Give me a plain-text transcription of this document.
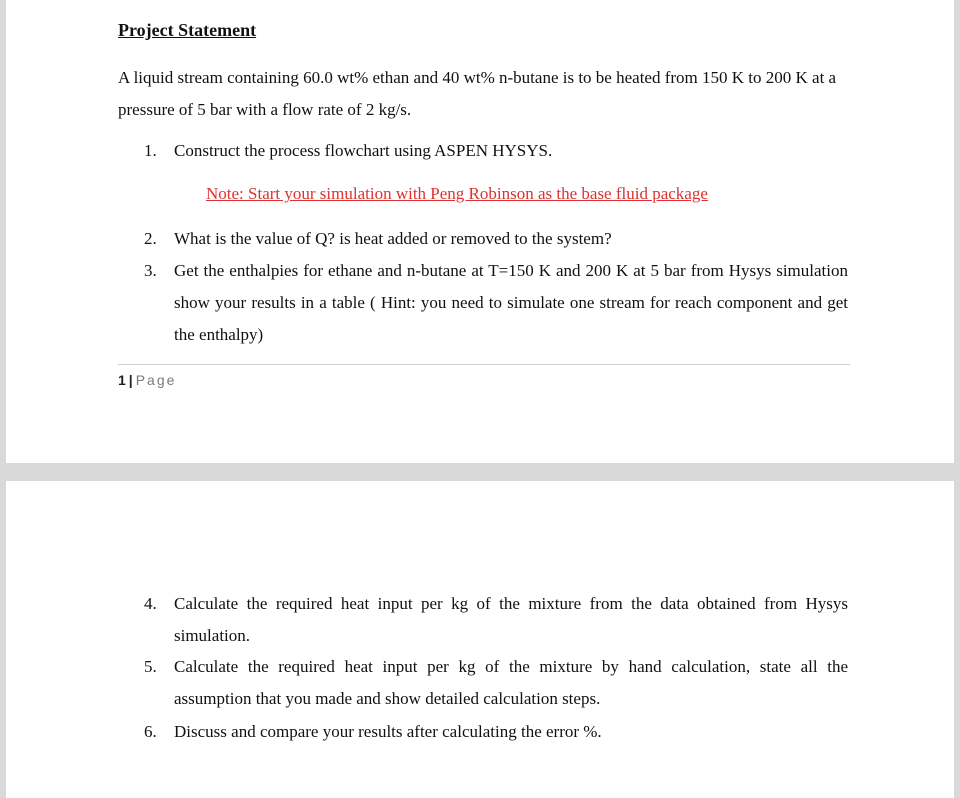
Project Statement

A liquid stream containing 60.0 wt% ethan and 40 wt% n-butane is to be heated from 150 K to 200 K at a pressure of 5 bar with a flow rate of 2 kg/s.

1.	Construct the process flowchart using ASPEN HYSYS.

Note: Start your simulation with Peng Robinson as the base fluid package

2.	What is the value of Q? is heat added or removed to the system?
3.	Get the enthalpies for ethane and n-butane at T=150 K and 200 K at 5 bar from Hysys simulation show your results in a table ( Hint: you need to simulate one stream for reach component and get the enthalpy)
1 | Page
4.	Calculate the required heat input per kg of the mixture from the data obtained from Hysys simulation.
5.	Calculate the required heat input per kg of the mixture by hand calculation, state all the assumption that you made and show detailed calculation steps.
6.	Discuss and compare your results after calculating the error %.
